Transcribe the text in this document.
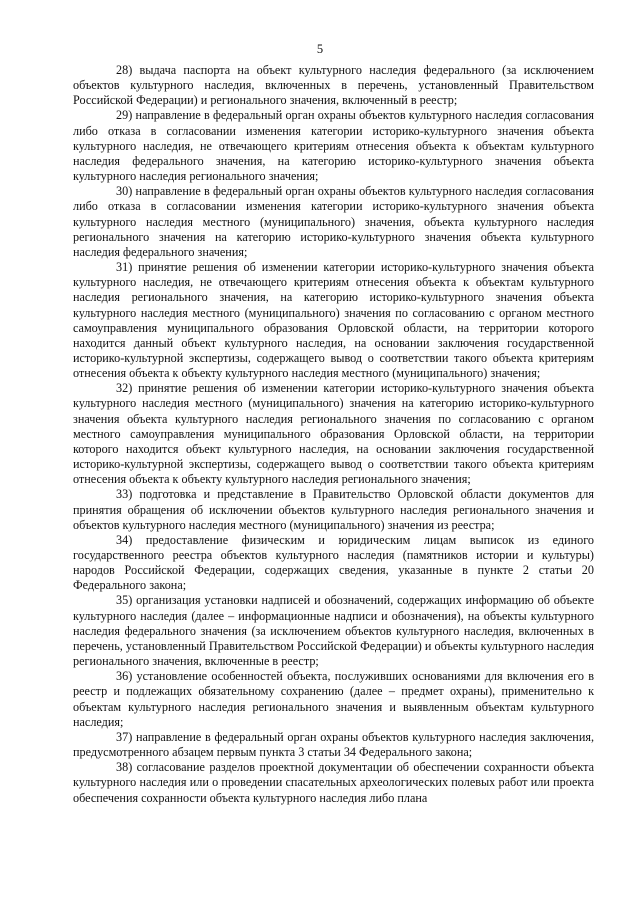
5

28) выдача паспорта на объект культурного наследия федерального (за исключением объектов культурного наследия, включенных в перечень, установленный Правительством Российской Федерации) и регионального значения, включенный в реестр;

29) направление в федеральный орган охраны объектов культурного наследия согласования либо отказа в согласовании изменения категории историко-культурного значения объекта культурного наследия, не отвечающего критериям отнесения объекта к объектам культурного наследия федерального значения, на категорию историко-культурного значения объекта культурного наследия регионального значения;

30) направление в федеральный орган охраны объектов культурного наследия согласования либо отказа в согласовании изменения категории историко-культурного значения объекта культурного наследия местного (муниципального) значения, объекта культурного наследия регионального значения на категорию историко-культурного значения объекта культурного наследия федерального значения;

31) принятие решения об изменении категории историко-культурного значения объекта культурного наследия, не отвечающего критериям отнесения объекта к объектам культурного наследия регионального значения, на категорию историко-культурного значения объекта культурного наследия местного (муниципального) значения по согласованию с органом местного самоуправления муниципального образования Орловской области, на территории которого находится данный объект культурного наследия, на основании заключения государственной историко-культурной экспертизы, содержащего вывод о соответствии такого объекта критериям отнесения объекта к объекту культурного наследия местного (муниципального) значения;

32) принятие решения об изменении категории историко-культурного значения объекта культурного наследия местного (муниципального) значения на категорию историко-культурного значения объекта культурного наследия регионального значения по согласованию с органом местного самоуправления муниципального образования Орловской области, на территории которого находится объект культурного наследия, на основании заключения государственной историко-культурной экспертизы, содержащего вывод о соответствии такого объекта критериям отнесения объекта к объекту культурного наследия регионального значения;

33) подготовка и представление в Правительство Орловской области документов для принятия обращения об исключении объектов культурного наследия регионального значения и объектов культурного наследия местного (муниципального) значения из реестра;

34) предоставление физическим и юридическим лицам выписок из единого государственного реестра объектов культурного наследия (памятников истории и культуры) народов Российской Федерации, содержащих сведения, указанные в пункте 2 статьи 20 Федерального закона;

35) организация установки надписей и обозначений, содержащих информацию об объекте культурного наследия (далее – информационные надписи и обозначения), на объекты культурного наследия федерального значения (за исключением объектов культурного наследия, включенных в перечень, установленный Правительством Российской Федерации) и объекты культурного наследия регионального значения, включенные в реестр;

36) установление особенностей объекта, послуживших основаниями для включения его в реестр и подлежащих обязательному сохранению (далее – предмет охраны), применительно к объектам культурного наследия регионального значения и выявленным объектам культурного наследия;

37) направление в федеральный орган охраны объектов культурного наследия заключения, предусмотренного абзацем первым пункта 3 статьи 34 Федерального закона;

38) согласование разделов проектной документации об обеспечении сохранности объекта культурного наследия или о проведении спасательных археологических полевых работ или проекта обеспечения сохранности объекта культурного наследия либо плана
